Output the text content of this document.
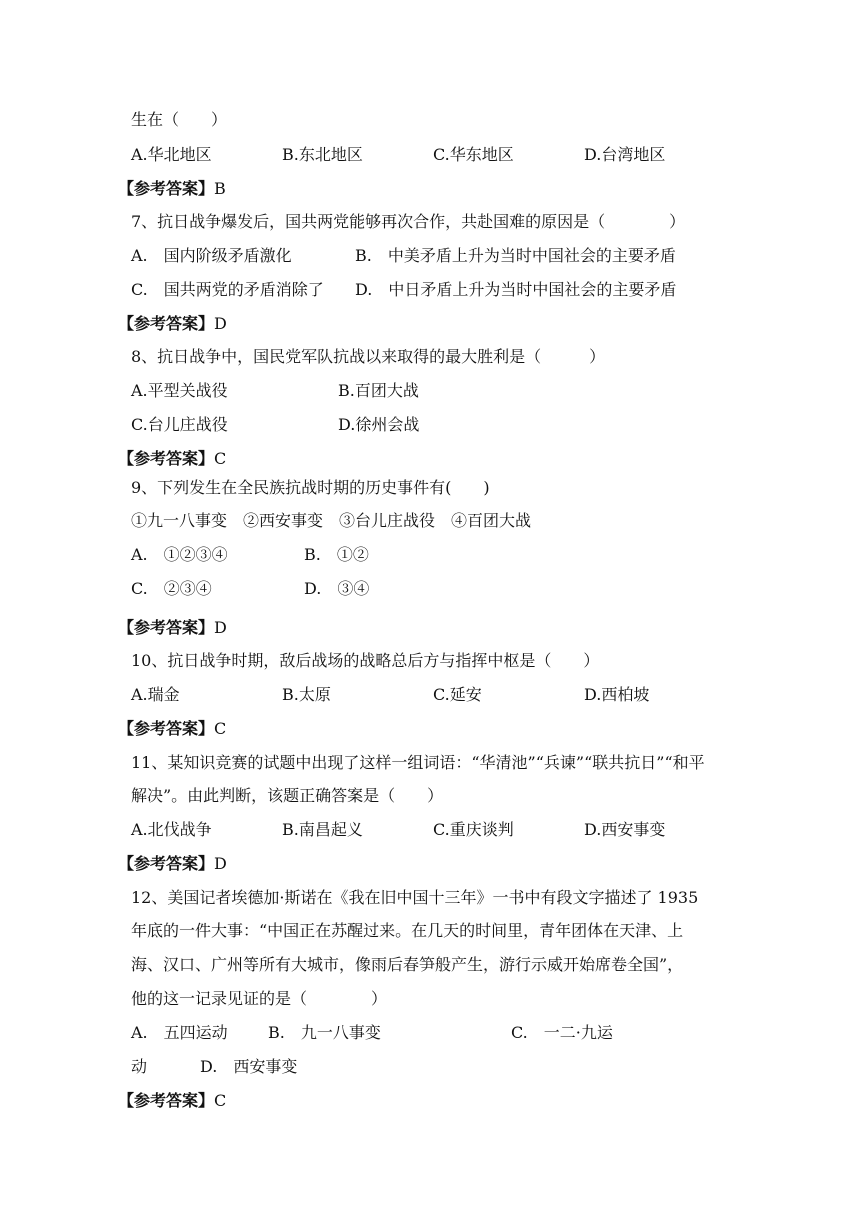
生在（　　）
A.华北地区	B.东北地区	C.华东地区	D.台湾地区
【参考答案】B
7、抗日战争爆发后，国共两党能够再次合作，共赴国难的原因是（　　　　）
A.　国内阶级矛盾激化	B.　中美矛盾上升为当时中国社会的主要矛盾
C.　国共两党的矛盾消除了 D.　中日矛盾上升为当时中国社会的主要矛盾
【参考答案】D
8、抗日战争中，国民党军队抗战以来取得的最大胜利是（　　　）
A.平型关战役	B.百团大战
C.台儿庄战役	D.徐州会战
【参考答案】C
9、下列发生在全民族抗战时期的历史事件有(　　)
①九一八事变　②西安事变　③台儿庄战役　④百团大战
A.　①②③④	B.　①②
C.　②③④	D.　③④
【参考答案】D
10、抗日战争时期，敌后战场的战略总后方与指挥中枢是（　　）
A.瑞金	B.太原	C.延安	D.西柏坡
【参考答案】C
11、某知识竞赛的试题中出现了这样一组词语：“华清池”“兵谏”“联共抗日”“和平
解决”。由此判断，该题正确答案是（　　）
A.北伐战争	B.南昌起义	C.重庆谈判	D.西安事变
【参考答案】D
12、美国记者埃德加·斯诺在《我在旧中国十三年》一书中有段文字描述了 1935
年底的一件大事：“中国正在苏醒过来。在几天的时间里，青年团体在天津、上
海、汉口、广州等所有大城市，像雨后春笋般产生，游行示威开始席卷全国”，
他的这一记录见证的是（　　　　）
A.　五四运动	B.　九一八事变	C.　一二·九运
动	D.　西安事变
【参考答案】C
